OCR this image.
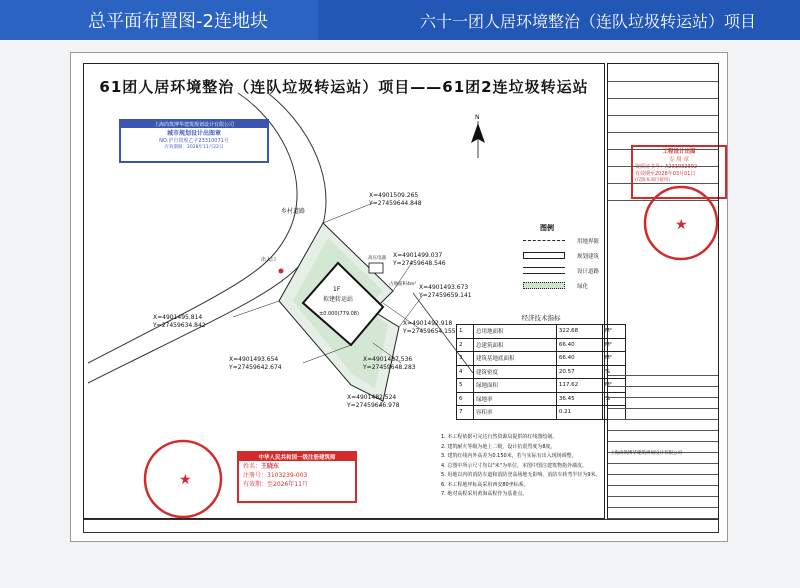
总平面布置图-2连地块	六十一团人居环境整治（连队垃圾转运站）项目
61团人居环境整治（连队垃圾转运站）项目——61团2连垃圾转运站
1F
拟建转运站
±0.000(779.08)
高压电器
占地面积4m²
乡村道路
出入口
N
X=4901509.265
Y=27459644.848
X=4901499.037
Y=27459648.546
X=4901493.673
Y=27459659.141
X=4901495.814
Y=27459634.842	X=4901492.918
Y=27459654.155
X=4901493.654
Y=27459642.674
X=4901487.536
Y=27459648.283
X=4901482.524
Y=27459646.978
图例
用地界限
规划建筑
设计道路
绿化
经济技术指标
1	总用地面积	322.68	M²
2	总建筑面积	66.40	M²
3	建筑基地底面积	66.40	M²
4	建筑密度	20.57	%
5	绿地面积	117.62	M²
6	绿地率	36.45	%
7	容积率	0.21	
1. 本工程依据可完达自然资源局提供的红线图绘制。
2. 建筑耐火等级为地上二级，设计抗震烈度为8度。
3. 建筑红线内外高差为0.150米，若与实际有出入现场调整。
4. 总图中所示尺寸均以"米"为单位，本图中图注建筑物指外墙皮。
5. 用地以内的消防车道和消防登高场地无影响，消防车转弯半径为9米。
6. 本工程地坪标高采用西安80坐标系。
7. 绝对高程采用黄海高程作为基准点。
上海尚筑博华建筑规划设计有限公司
城市规划设计出图章
NO:沪自资规乙字23310071号
有效期限：2028年11月22日
中华人民共和国一级注册建筑师
姓名：王晓东
注册号：3103239-003
有效期：至2026年11月
★
★
工程设计出图
专 用 章
资质证书号：A231032392
有效期至2028年03月01日
(仅限本项目使用)
上海尚筑博华建筑规划设计有限公司
